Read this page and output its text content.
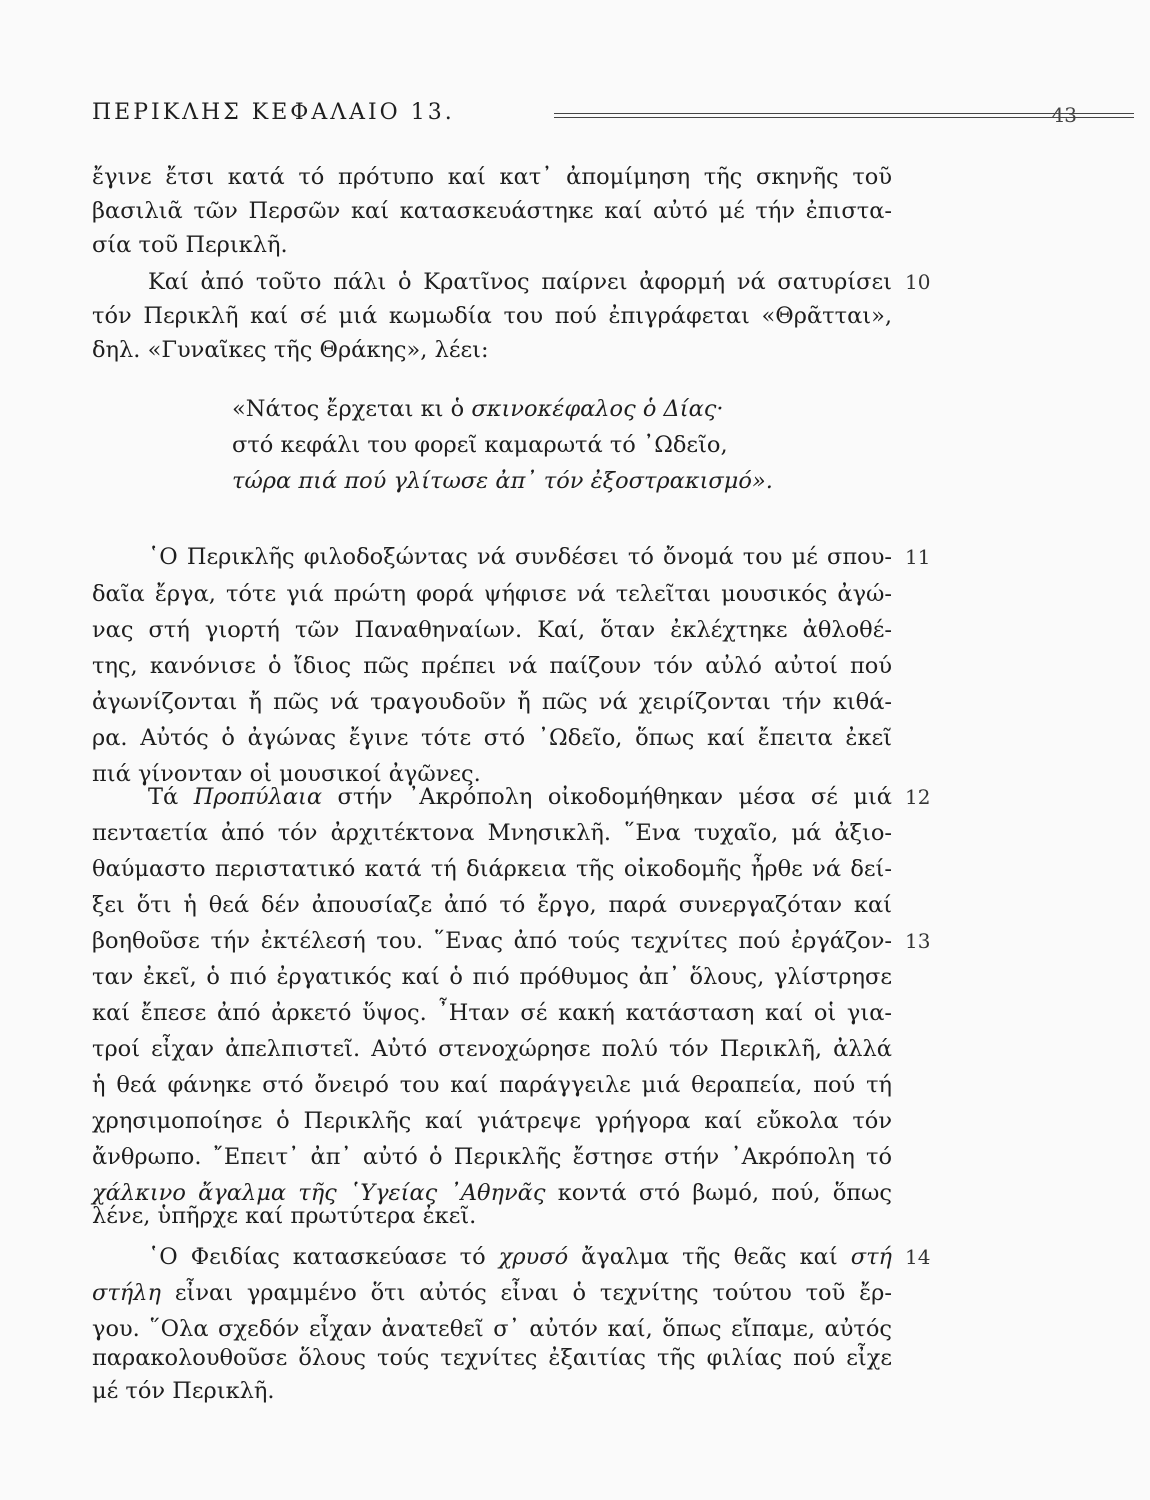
ΠΕΡΙΚΛΗΣ ΚΕΦΑΛΑΙΟ 13.	43
ἔγινε ἔτσι κατά τό πρότυπο καί κατ᾽ ἀπομίμηση τῆς σκηνῆς τοῦ
βασιλιᾶ τῶν Περσῶν καί κατασκευάστηκε καί αὐτό μέ τήν ἐπιστα-
σία τοῦ Περικλῆ.
Καί ἀπό τοῦτο πάλι ὁ Κρατῖνος παίρνει ἀφορμή νά σατυρίσει
τόν Περικλῆ καί σέ μιά κωμωδία του πού ἐπιγράφεται «Θρᾶτται»,
δηλ. «Γυναῖκες τῆς Θράκης», λέει:
10
«Νάτος ἔρχεται κι ὁ σκινοκέφαλος ὁ Δίας·
στό κεφάλι του φορεῖ καμαρωτά τό ᾿Ωδεῖο,
τώρα πιά πού γλίτωσε ἀπ᾽ τόν ἐξοστρακισμό».
῾Ο Περικλῆς φιλοδοξώντας νά συνδέσει τό ὄνομά του μέ σπου-
δαῖα ἔργα, τότε γιά πρώτη φορά ψήφισε νά τελεῖται μουσικός ἀγώ-
νας στή γιορτή τῶν Παναθηναίων. Καί, ὅταν ἐκλέχτηκε ἀθλοθέ-
της, κανόνισε ὁ ἴδιος πῶς πρέπει νά παίζουν τόν αὐλό αὐτοί πού
ἀγωνίζονται ἤ πῶς νά τραγουδοῦν ἤ πῶς νά χειρίζονται τήν κιθά-
ρα. Αὐτός ὁ ἀγώνας ἔγινε τότε στό ᾿Ωδεῖο, ὅπως καί ἔπειτα ἐκεῖ
πιά γίνονταν οἱ μουσικοί ἀγῶνες.
11
Τά Προπύλαια στήν ᾿Ακρόπολη οἰκοδομήθηκαν μέσα σέ μιά
πενταετία ἀπό τόν ἀρχιτέκτονα Μνησικλῆ. ῞Ενα τυχαῖο, μά ἀξιο-
θαύμαστο περιστατικό κατά τή διάρκεια τῆς οἰκοδομῆς ἦρθε νά δεί-
ξει ὅτι ἡ θεά δέν ἀπουσίαζε ἀπό τό ἔργο, παρά συνεργαζόταν καί
βοηθοῦσε τήν ἐκτέλεσή του. ῞Ενας ἀπό τούς τεχνίτες πού ἐργάζον-
ταν ἐκεῖ, ὁ πιό ἐργατικός καί ὁ πιό πρόθυμος ἀπ᾽ ὅλους, γλίστρησε
καί ἔπεσε ἀπό ἀρκετό ὕψος. ῏Ηταν σέ κακή κατάσταση καί οἱ για-
τροί εἶχαν ἀπελπιστεῖ. Αὐτό στενοχώρησε πολύ τόν Περικλῆ, ἀλλά
ἡ θεά φάνηκε στό ὄνειρό του καί παράγγειλε μιά θεραπεία, πού τή
χρησιμοποίησε ὁ Περικλῆς καί γιάτρεψε γρήγορα καί εὔκολα τόν
ἄνθρωπο. ῎Επειτ᾽ ἀπ᾽ αὐτό ὁ Περικλῆς ἔστησε στήν ᾿Ακρόπολη τό
χάλκινο ἄγαλμα τῆς ῾Υγείας ᾿Αθηνᾶς κοντά στό βωμό, πού, ὅπως
λένε, ὑπῆρχε καί πρωτύτερα ἐκεῖ.
12
13
῾Ο Φειδίας κατασκεύασε τό χρυσό ἄγαλμα τῆς θεᾶς καί στή
στήλη εἶναι γραμμένο ὅτι αὐτός εἶναι ὁ τεχνίτης τούτου τοῦ ἔρ-
γου. ῞Ολα σχεδόν εἶχαν ἀνατεθεῖ σ᾽ αὐτόν καί, ὅπως εἴπαμε, αὐτός
παρακολουθοῦσε ὅλους τούς τεχνίτες ἐξαιτίας τῆς φιλίας πού εἶχε
μέ τόν Περικλῆ.
14
